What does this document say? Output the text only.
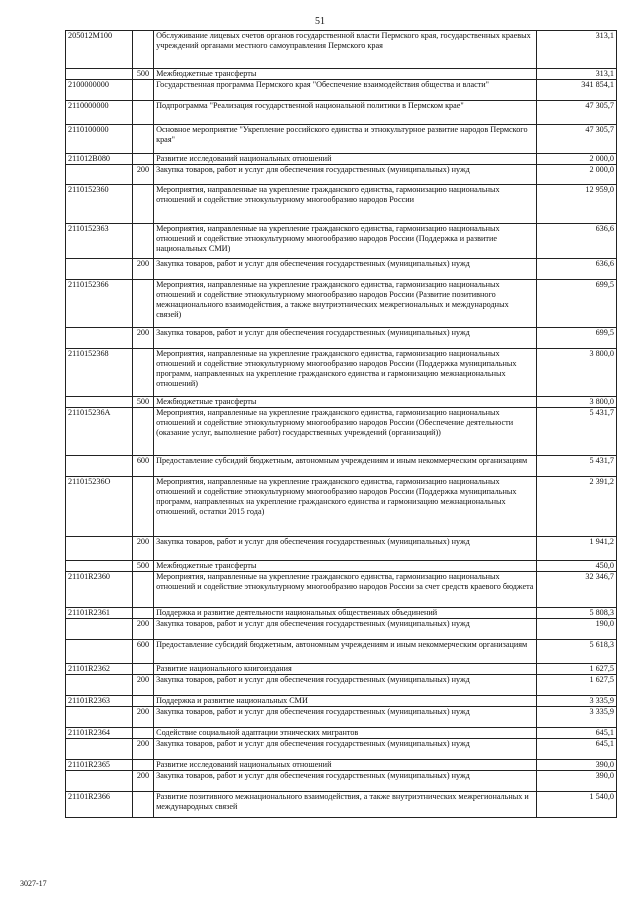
51
205012М100		Обслуживание лицевых счетов органов государственной власти Пермского края, государственных краевых учреждений органами местного самоуправления Пермского края	313,1
	500	Межбюджетные трансферты	313,1
2100000000		Государственная программа Пермского края "Обеспечение взаимодействия общества и власти"	341 854,1
2110000000		Подпрограмма "Реализация государственной национальной политики в Пермском крае"	47 305,7
2110100000		Основное мероприятие "Укрепление российского единства и этнокультурное развитие народов Пермского края"	47 305,7
211012В080		Развитие исследований национальных отношений	2 000,0
	200	Закупка товаров, работ и услуг для обеспечения государственных (муниципальных) нужд	2 000,0
2110152360		Мероприятия, направленные на укрепление гражданского единства, гармонизацию национальных отношений и содействие этнокультурному многообразию народов России	12 959,0
2110152363		Мероприятия, направленные на укрепление гражданского единства, гармонизацию национальных отношений и содействие этнокультурному многообразию народов России (Поддержка и развитие национальных СМИ)	636,6
	200	Закупка товаров, работ и услуг для обеспечения государственных (муниципальных) нужд	636,6
2110152366		Мероприятия, направленные на укрепление гражданского единства, гармонизацию национальных отношений и содействие этнокультурному многообразию народов России (Развитие позитивного межнационального взаимодействия, а также внутриэтнических межрегиональных и международных связей)	699,5
	200	Закупка товаров, работ и услуг для обеспечения государственных (муниципальных) нужд	699,5
2110152368		Мероприятия, направленные на укрепление гражданского единства, гармонизацию национальных отношений и содействие этнокультурному многообразию народов России (Поддержка муниципальных программ, направленных на укрепление гражданского единства и гармонизацию межнациональных отношений)	3 800,0
	500	Межбюджетные трансферты	3 800,0
211015236А		Мероприятия, направленные на укрепление гражданского единства, гармонизацию национальных отношений и содействие этнокультурному многообразию народов России (Обеспечение деятельности (оказание услуг, выполнение работ) государственных учреждений (организаций))	5 431,7
	600	Предоставление субсидий бюджетным, автономным учреждениям и иным некоммерческим организациям	5 431,7
211015236О		Мероприятия, направленные на укрепление гражданского единства, гармонизацию национальных отношений и содействие этнокультурному многообразию народов России (Поддержка муниципальных программ, направленных на укрепление гражданского единства и гармонизацию межнациональных отношений, остатки 2015 года)	2 391,2
	200	Закупка товаров, работ и услуг для обеспечения государственных (муниципальных) нужд	1 941,2
	500	Межбюджетные трансферты	450,0
21101R2360		Мероприятия, направленные на укрепление гражданского единства, гармонизацию национальных отношений и содействие этнокультурному многообразию народов России за счет средств краевого бюджета	32 346,7
21101R2361		Поддержка и развитие деятельности национальных общественных объединений	5 808,3
	200	Закупка товаров, работ и услуг для обеспечения государственных (муниципальных) нужд	190,0
	600	Предоставление субсидий бюджетным, автономным учреждениям и иным некоммерческим организациям	5 618,3
21101R2362		Развитие национального книгоиздания	1 627,5
	200	Закупка товаров, работ и услуг для обеспечения государственных (муниципальных) нужд	1 627,5
21101R2363		Поддержка и развитие национальных СМИ	3 335,9
	200	Закупка товаров, работ и услуг для обеспечения государственных (муниципальных) нужд	3 335,9
21101R2364		Содействие социальной адаптации этнических мигрантов	645,1
	200	Закупка товаров, работ и услуг для обеспечения государственных (муниципальных) нужд	645,1
21101R2365		Развитие исследований национальных отношений	390,0
	200	Закупка товаров, работ и услуг для обеспечения государственных (муниципальных) нужд	390,0
21101R2366		Развитие позитивного межнационального взаимодействия, а также внутриэтнических межрегиональных и международных связей	1 540,0
3027-17
